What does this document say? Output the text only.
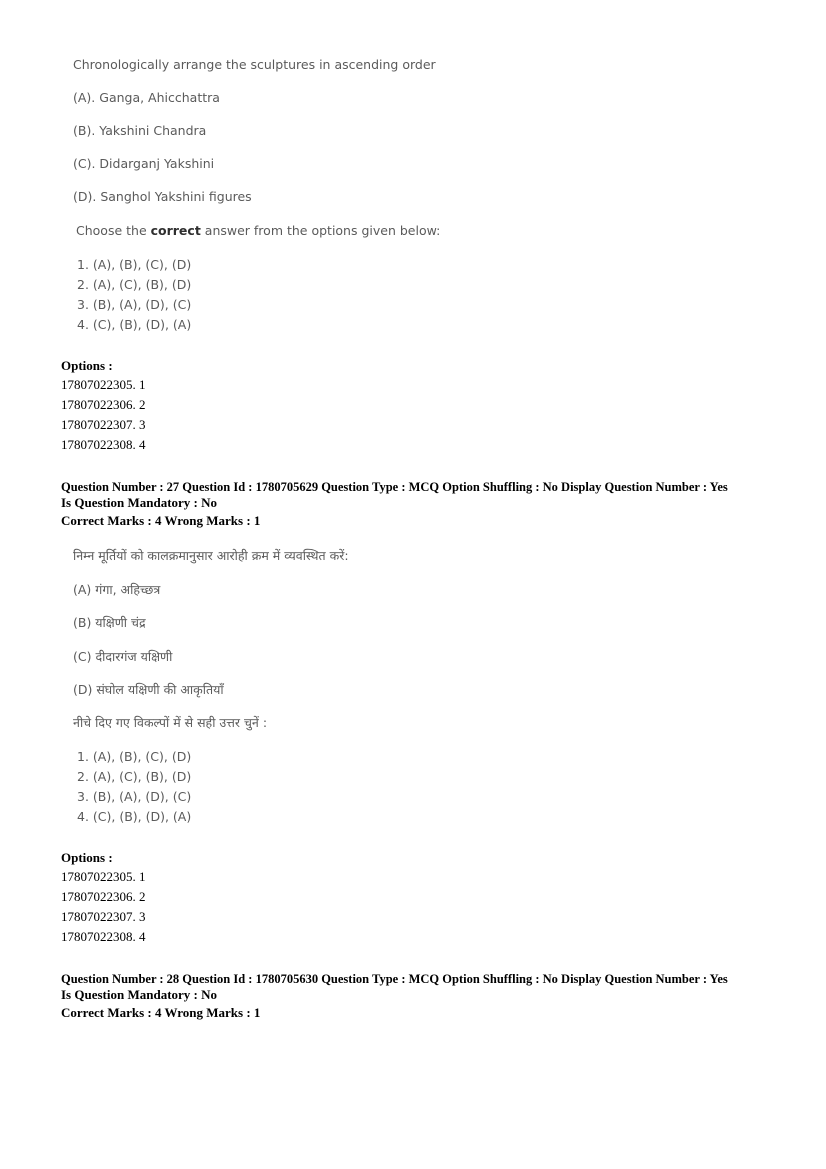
Chronologically arrange the sculptures in ascending order
(A). Ganga, Ahicchattra
(B). Yakshini Chandra
(C). Didarganj Yakshini
(D). Sanghol Yakshini figures
Choose the correct answer from the options given below:
1. (A), (B), (C), (D)
2. (A), (C), (B), (D)
3. (B), (A), (D), (C)
4. (C), (B), (D), (A)
Options :
17807022305. 1
17807022306. 2
17807022307. 3
17807022308. 4
Question Number : 27 Question Id : 1780705629 Question Type : MCQ Option Shuffling : No Display Question Number : Yes
Is Question Mandatory : No
Correct Marks : 4 Wrong Marks : 1
निम्न मूर्तियों को कालक्रमानुसार आरोही क्रम में व्यवस्थित करें:
(A) गंगा, अहिच्छत्र
(B) यक्षिणी चंद्र
(C) दीदारगंज यक्षिणी
(D) संघोल यक्षिणी की आकृतियाँ
नीचे दिए गए विकल्पों में से सही उत्तर चुनें :
1. (A), (B), (C), (D)
2. (A), (C), (B), (D)
3. (B), (A), (D), (C)
4. (C), (B), (D), (A)
Options :
17807022305. 1
17807022306. 2
17807022307. 3
17807022308. 4
Question Number : 28 Question Id : 1780705630 Question Type : MCQ Option Shuffling : No Display Question Number : Yes
Is Question Mandatory : No
Correct Marks : 4 Wrong Marks : 1
